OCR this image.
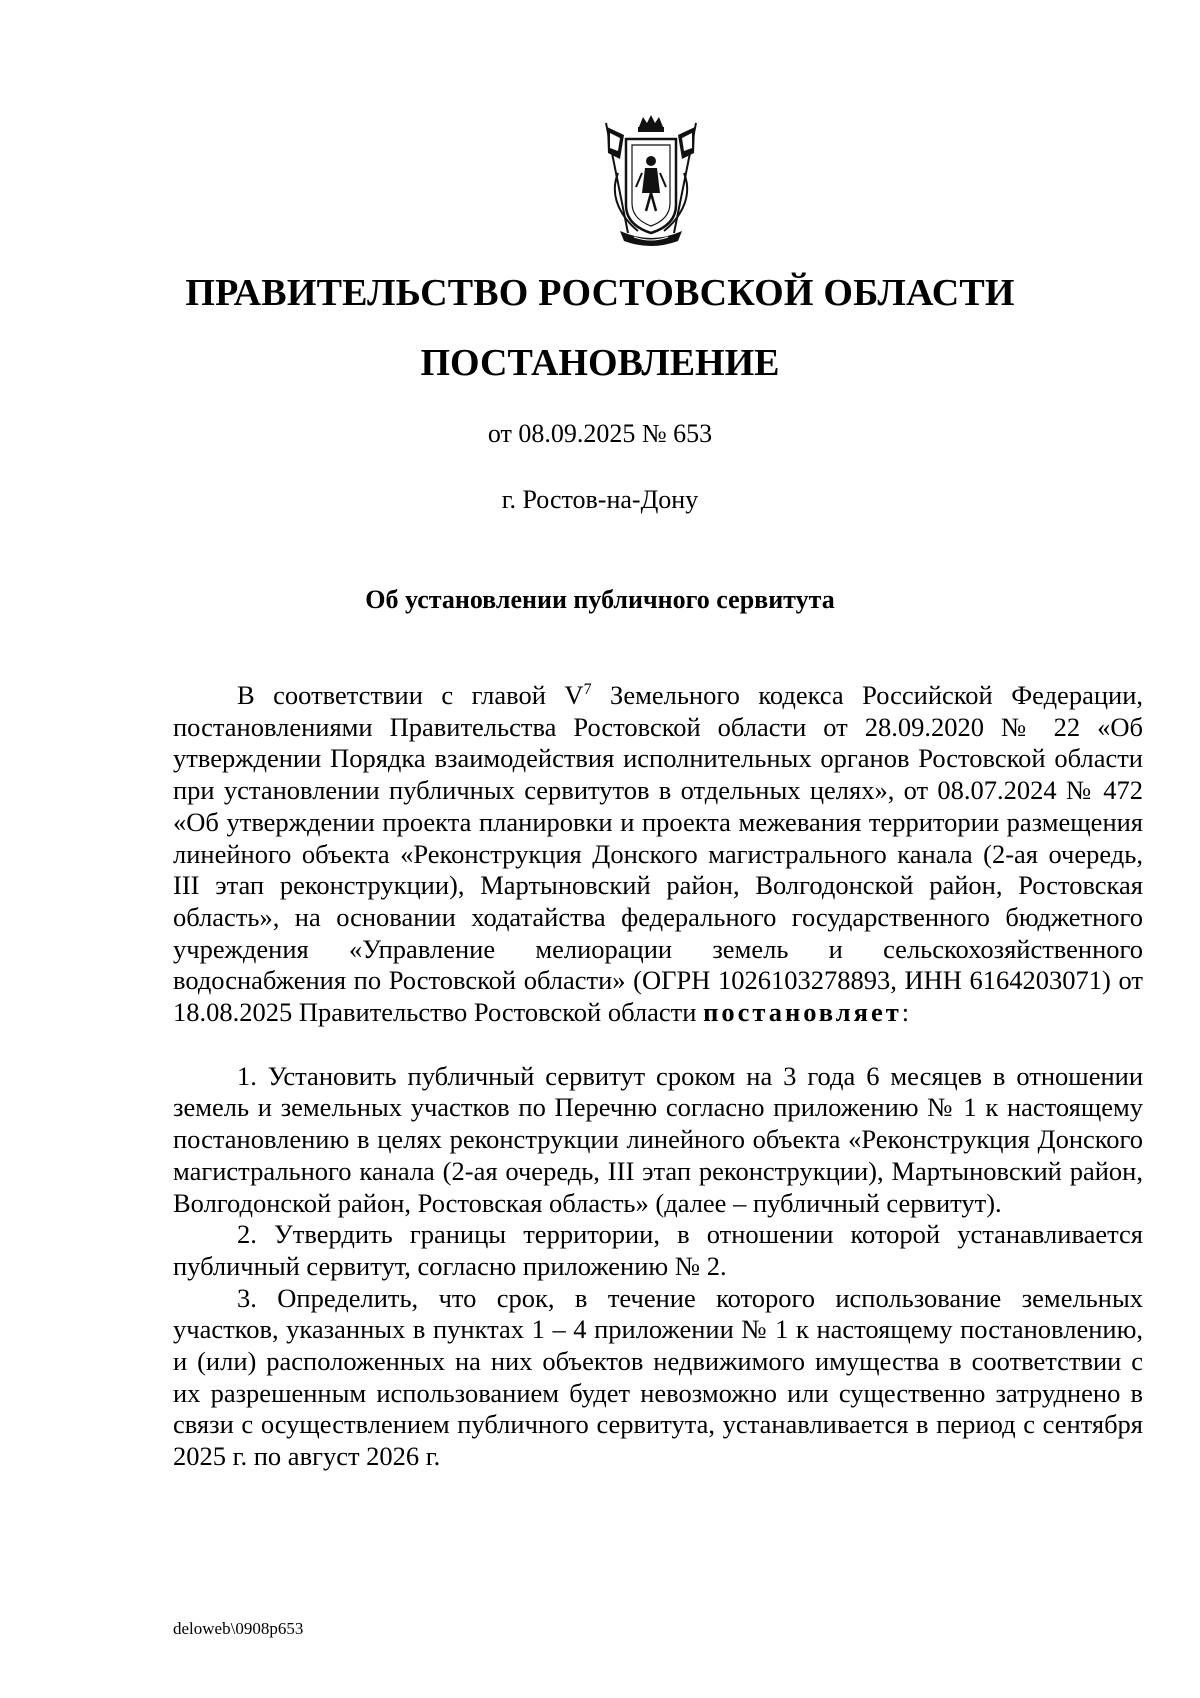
ПРАВИТЕЛЬСТВО РОСТОВСКОЙ ОБЛАСТИ
ПОСТАНОВЛЕНИЕ
от 08.09.2025 № 653
г. Ростов-на-Дону
Об установлении публичного сервитута

В соответствии с главой $V^7$ Земельного кодекса Российской Федерации, постановлениями Правительства Ростовской области от 28.09.2020 № 22 «Об утверждении Порядка взаимодействия исполнительных органов Ростовской области при установлении публичных сервитутов в отдельных целях», от 08.07.2024 № 472 «Об утверждении проекта планировки и проекта межевания территории размещения линейного объекта «Реконструкция Донского магистрального канала (2-ая очередь, III этап реконструкции), Мартыновский район, Волгодонской район, Ростовская область», на основании ходатайства федерального государственного бюджетного учреждения «Управление мелиорации земель и сельскохозяйственного водоснабжения по Ростовской области» (ОГРН 1026103278893, ИНН 6164203071) от 18.08.2025 Правительство Ростовской области постановляет:

1. Установить публичный сервитут сроком на 3 года 6 месяцев в отношении земель и земельных участков по Перечню согласно приложению № 1 к настоящему постановлению в целях реконструкции линейного объекта «Реконструкция Донского магистрального канала (2-ая очередь, III этап реконструкции), Мартыновский район, Волгодонской район, Ростовская область» (далее – публичный сервитут).

2. Утвердить границы территории, в отношении которой устанавливается публичный сервитут, согласно приложению № 2.

3. Определить, что срок, в течение которого использование земельных участков, указанных в пунктах 1 – 4 приложении № 1 к настоящему постановлению, и (или) расположенных на них объектов недвижимого имущества в соответствии с их разрешенным использованием будет невозможно или существенно затруднено в связи с осуществлением публичного сервитута, устанавливается в период с сентября 2025 г. по август 2026 г.

deloweb\0908p653
